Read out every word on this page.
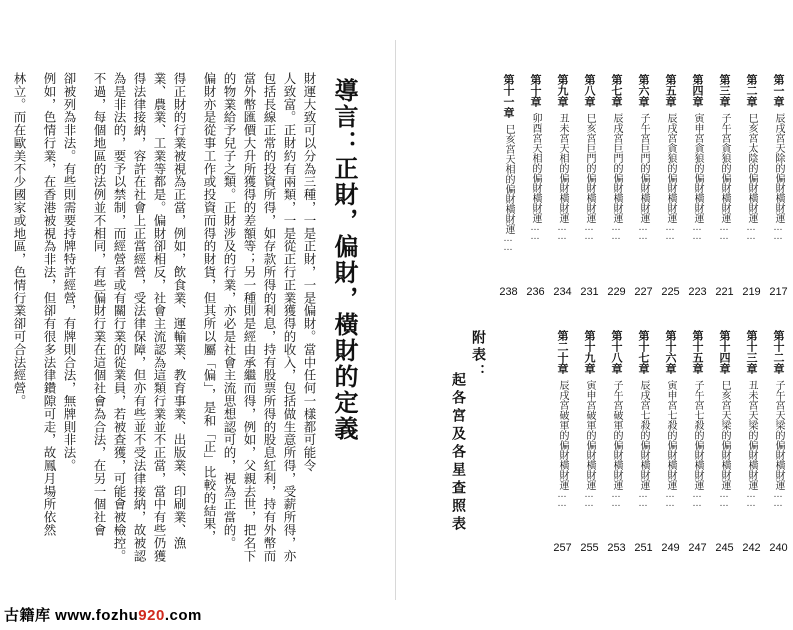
導言：正財，偏財，橫財的定義
財運大致可以分為三種，一是正財，一是偏財。當中任何一樣都可能令
人致富。正財約有兩類，一是從正行正業獲得的收入，包括做生意所得，受薪所得，亦
包括長線正常的投資所得，如存款所得的利息，持有股票所得的股息紅利，持有外幣而
當外幣匯價大升所獲得的差額等；另一種則是經由承繼而得，例如，父親去世，把名下
的物業給予兒子之類。正財涉及的行業，亦必是社會主流思想認可的，視為正當的。
偏財亦是從事工作或投資而得的財貨，但其所以屬「偏」，是和「正」比較的結果，
得正財的行業被視為正當，例如，飲食業、運輸業、教育事業、出版業、印刷業、漁
業、農業、工業等都是。偏財卻相反，社會主流認為這類行業並不正當，當中有些仍獲
得法律接納，容許在社會上正當經營，受法律保障，但亦有些並不受法律接納，故被認
為是非法的，要予以禁制，而經營者或有關行業的從業員，若被查獲，可能會被檢控。
不過，每個地區的法例並不相同，有些偏財行業在這個社會為合法，在另一個社會
卻被列為非法。有些則需要持牌特許經營，有牌則合法，無牌則非法。
例如，色情行業，在香港被視為非法，但卻有很多法律鑽隙可走，故鳳月場所依然
林立。而在歐美不少國家或地區，色情行業卻可合法經營。	第一章
辰戌宮天除的偏財橫財運……
217
第二章
巳亥宮太陰的偏財橫財運……
219
第三章
子午宮貪狼的偏財橫財運……
221
第四章
寅申宮貪狼的偏財橫財運……
223
第五章
辰戌宮貪狼的偏財橫財運……
225
第六章
子午宮巨門的偏財橫財運……
227
第七章
辰戌宮巨門的偏財橫財運……
229
第八章
巳亥宮巨門的偏財橫財運……
231
第九章
丑未宮天相的偏財橫財運……
234
第十章
卯酉宮天相的偏財橫財運……
236
第十一章
巳亥宮天相的偏財橫財運……
238
第十二章
子午宮天梁的偏財橫財運……
240
第十三章
丑未宮天梁的偏財橫財運……
242
第十四章
巳亥宮天梁的偏財橫財運……
245
第十五章
子午宮七殺的偏財橫財運……
247
第十六章
寅申宮七殺的偏財橫財運……
249
第十七章
辰戌宮七殺的偏財橫財運……
251
第十八章
子午宮破軍的偏財橫財運……
253
第十九章
寅申宮破軍的偏財橫財運……
255
第二十章
辰戌宮破軍的偏財橫財運……
257
附表：
起各宮及各星查照表
古籍库 www.fozhu920.com
